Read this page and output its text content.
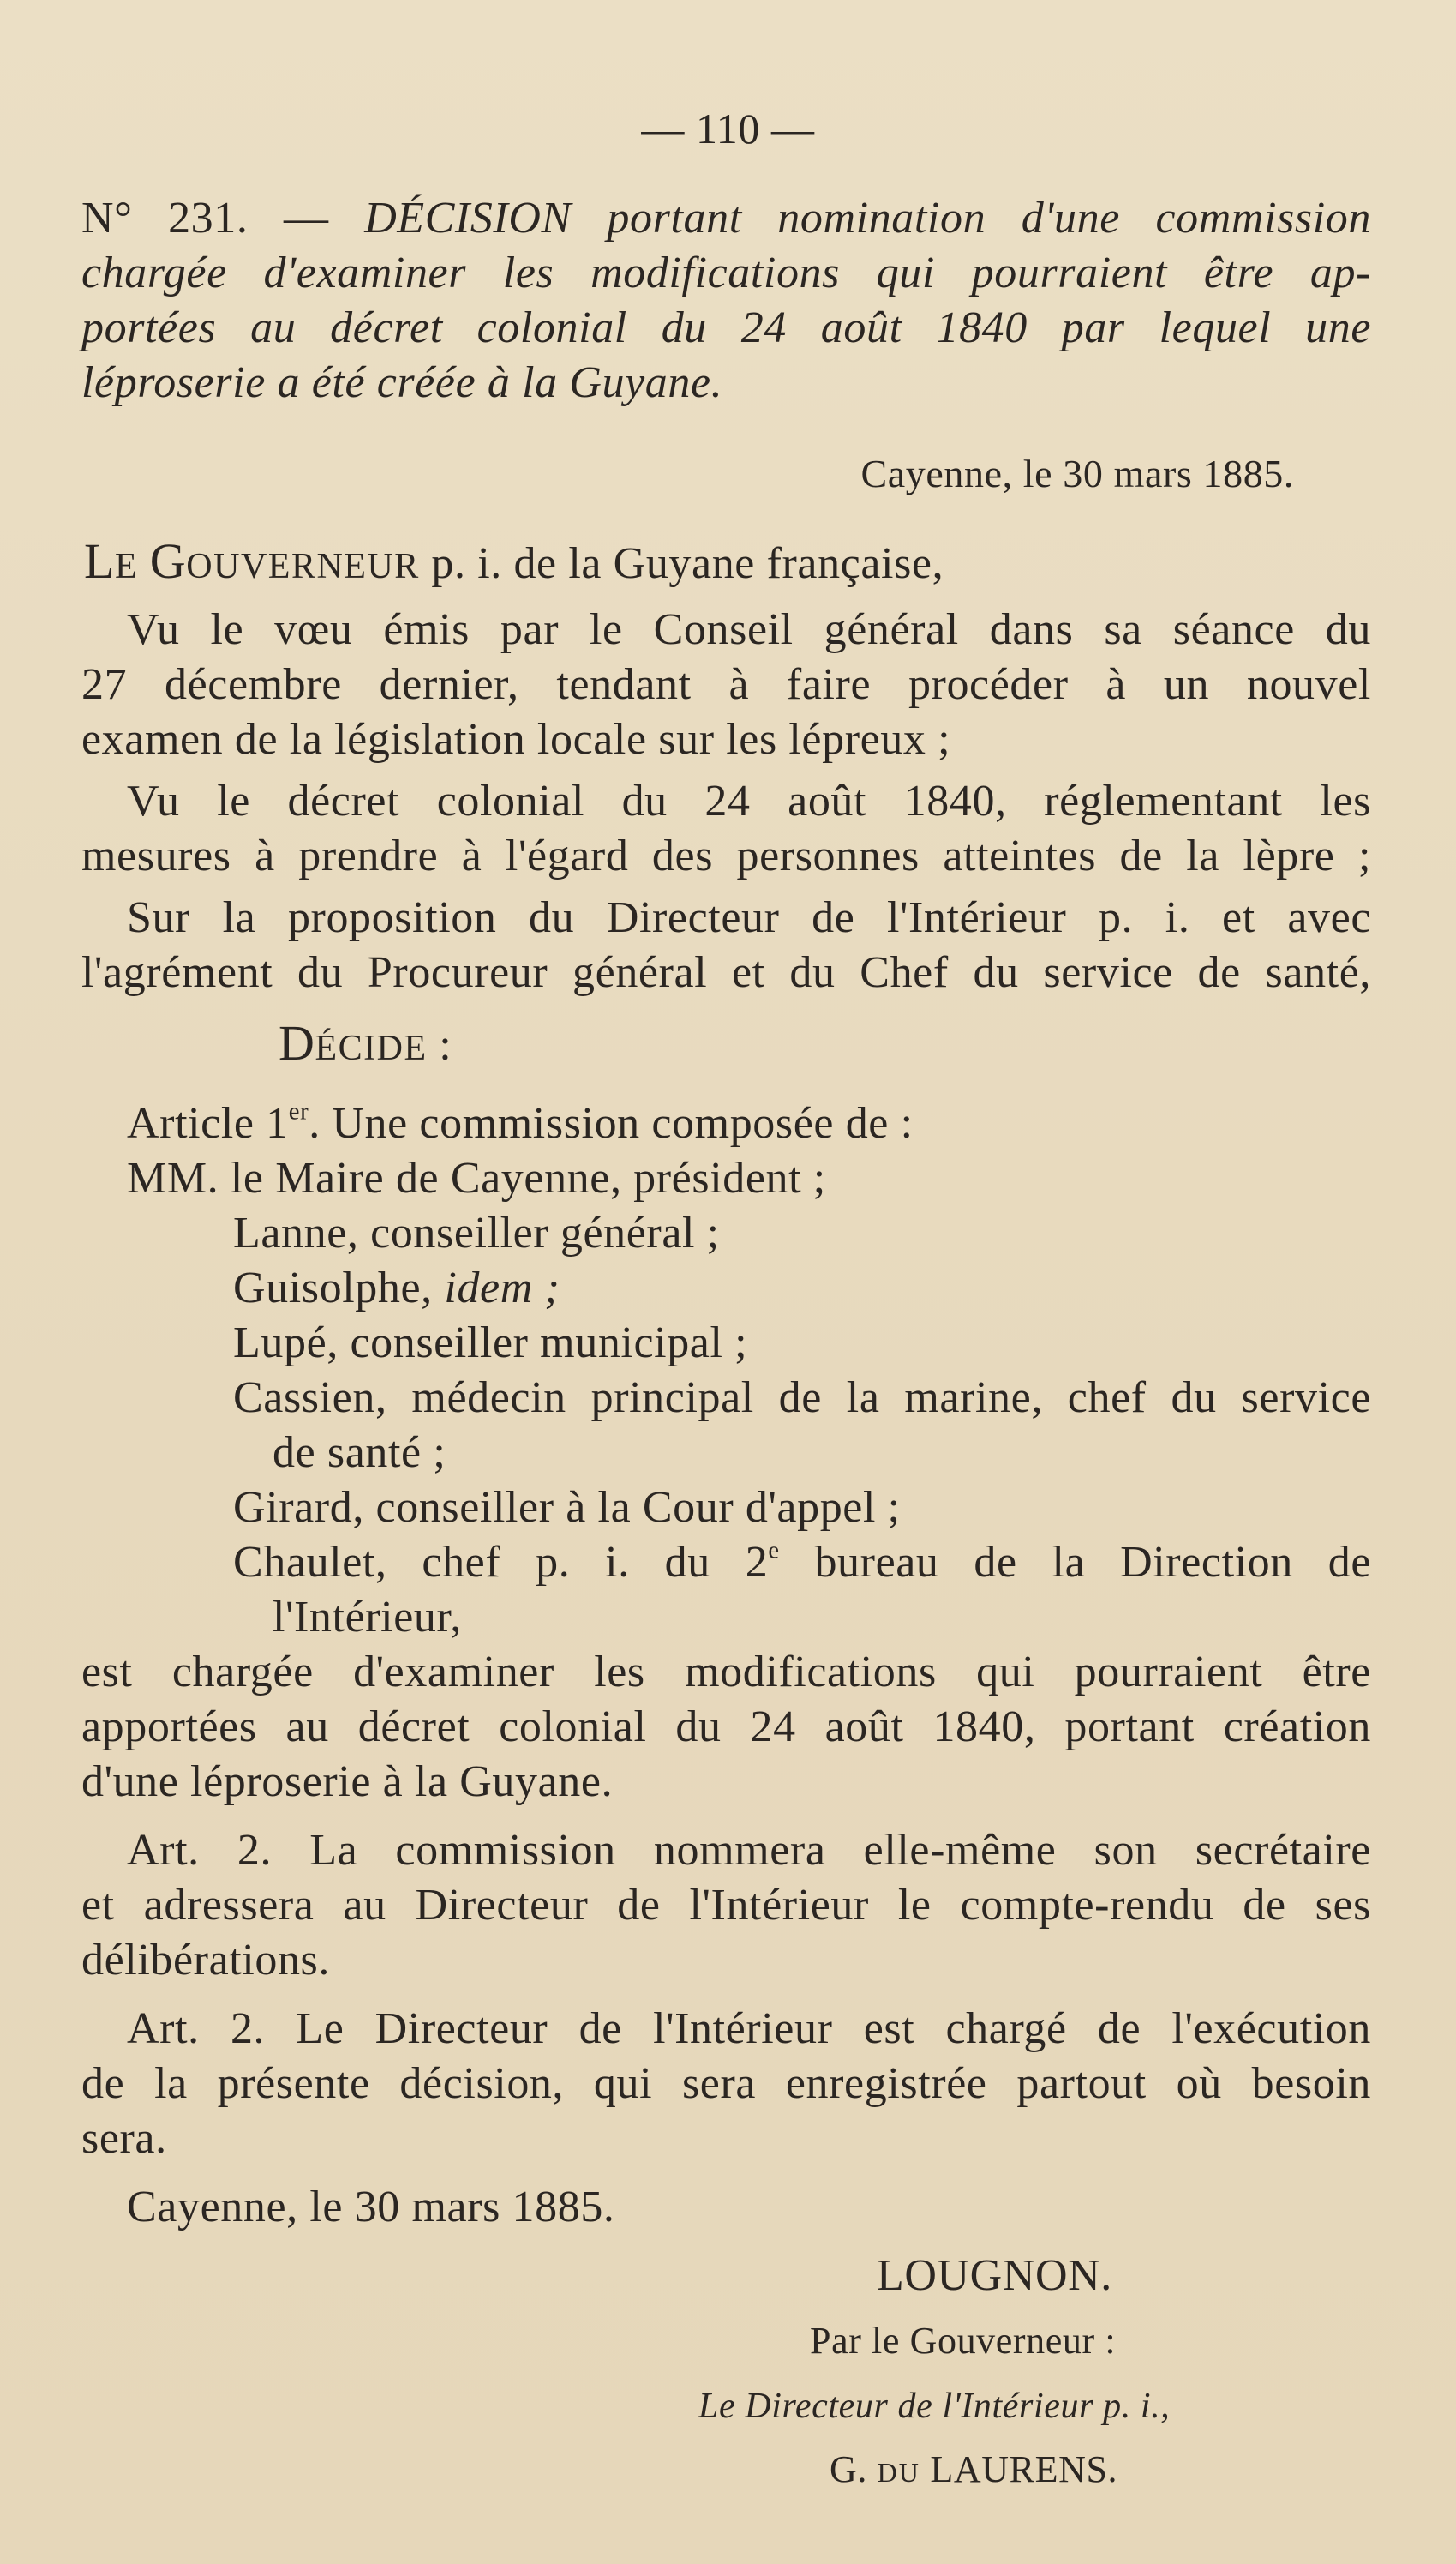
— 110 —
N° 231. — DÉCISION portant nomination d'une commission
chargée d'examiner les modifications qui pourraient être ap-
portées au décret colonial du 24 août 1840 par lequel une
léproserie a été créée à la Guyane.
Cayenne, le 30 mars 1885.
LE GOUVERNEUR p. i. de la Guyane française,
Vu le vœu émis par le Conseil général dans sa séance du
27 décembre dernier, tendant à faire procéder à un nouvel
examen de la législation locale sur les lépreux ;
Vu le décret colonial du 24 août 1840, réglementant les
mesures à prendre à l'égard des personnes atteintes de la lèpre ;
Sur la proposition du Directeur de l'Intérieur p. i. et avec
l'agrément du Procureur général et du Chef du service de santé,
DÉCIDE :
Article 1er. Une commission composée de :
MM. le Maire de Cayenne, président ;
Lanne, conseiller général ;
Guisolphe, idem ;
Lupé, conseiller municipal ;
Cassien, médecin principal de la marine, chef du service
de santé ;
Girard, conseiller à la Cour d'appel ;
Chaulet, chef p. i. du 2e bureau de la Direction de
l'Intérieur,
est chargée d'examiner les modifications qui pourraient être
apportées au décret colonial du 24 août 1840, portant création
d'une léproserie à la Guyane.
Art. 2. La commission nommera elle-même son secrétaire
et adressera au Directeur de l'Intérieur le compte-rendu de ses
délibérations.
Art. 2. Le Directeur de l'Intérieur est chargé de l'exécution
de la présente décision, qui sera enregistrée partout où besoin
sera.
Cayenne, le 30 mars 1885.
LOUGNON.
Par le Gouverneur :
Le Directeur de l'Intérieur p. i.,
G. DU LAURENS.
